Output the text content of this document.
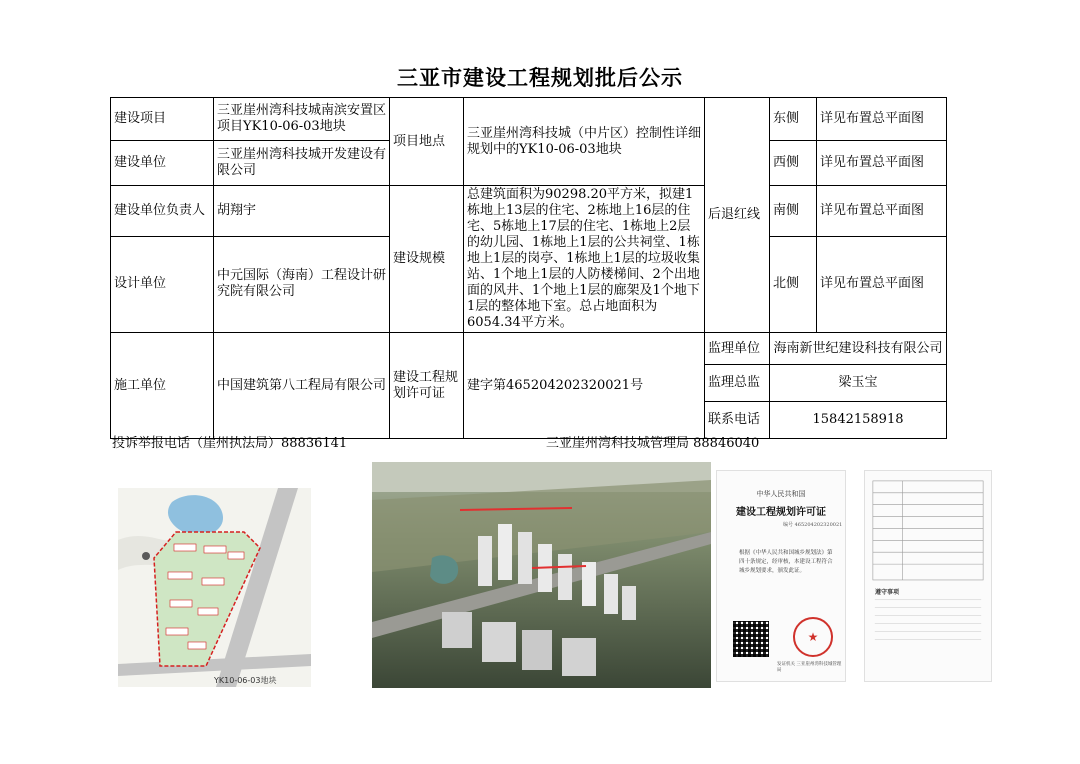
三亚市建设工程规划批后公示
建设项目	三亚崖州湾科技城南滨安置区项目YK10-06-03地块	项目地点	三亚崖州湾科技城（中片区）控制性详细规划中的YK10-06-03地块	后退红线	东侧	详见布置总平面图
建设单位	三亚崖州湾科技城开发建设有限公司				西侧	详见布置总平面图
建设单位负责人	胡翔宇	建设规模	总建筑面积为90298.20平方米，拟建1栋地上13层的住宅、2栋地上16层的住宅、5栋地上17层的住宅、1栋地上2层的幼儿园、1栋地上1层的公共祠堂、1栋地上1层的岗亭、1栋地上1层的垃圾收集站、1个地上1层的人防楼梯间、2个出地面的风井、1个地上1层的廊架及1个地下1层的整体地下室。总占地面积为6054.34平方米。		南侧	详见布置总平面图
设计单位	中元国际（海南）工程设计研究院有限公司				北侧	详见布置总平面图
施工单位	中国建筑第八工程局有限公司	建设工程规划许可证	建字第465204202320021号	监理单位	海南新世纪建设科技有限公司	
				监理总监	梁玉宝	
				联系电话	15842158918	
投诉举报电话（崖州执法局）88836141	三亚崖州湾科技城管理局 88846040
YK10-06-03地块
中华人民共和国
建设工程规划许可证
编号 465204202320021
根据《中华人民共和国城乡规划法》第四十条规定，经审核，本建设工程符合城乡规划要求，颁发此证。
★
发证机关 三亚崖州湾科技城管理局
遵守事项
